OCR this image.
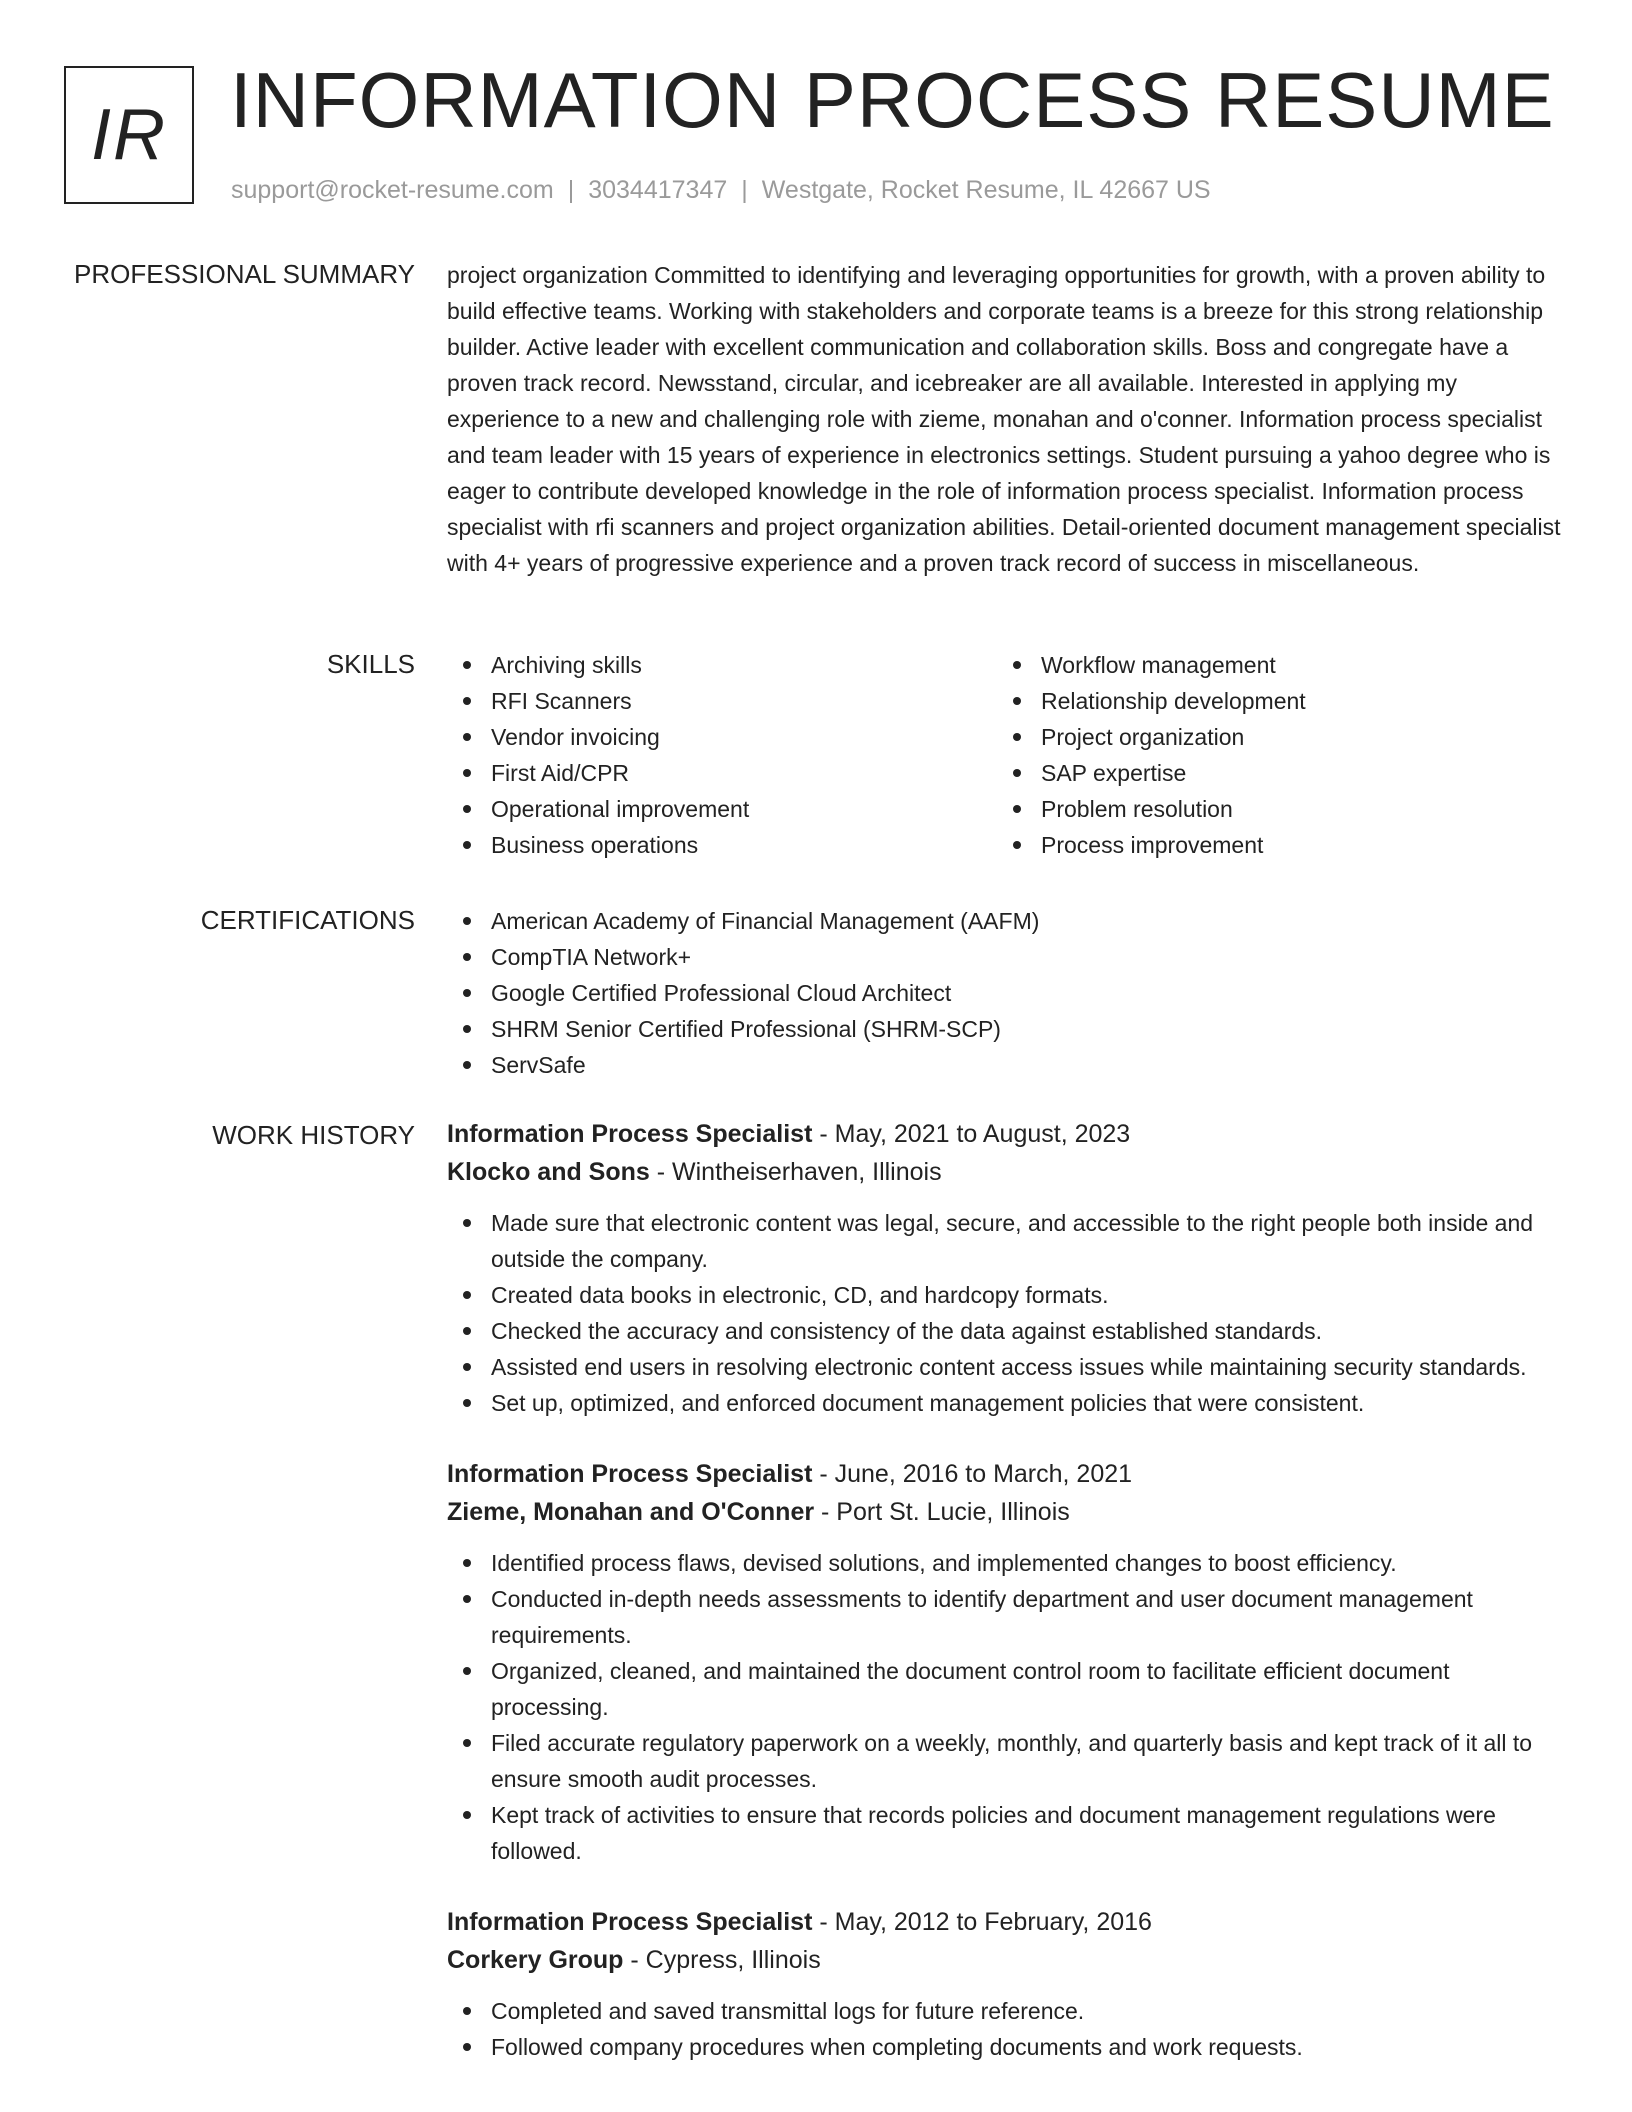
IR INFORMATION PROCESS RESUME
support@rocket-resume.com | 3034417347 | Westgate, Rocket Resume, IL 42667 US
PROFESSIONAL SUMMARY project organization Committed to identifying and leveraging opportunities for growth, with a proven ability to build effective teams. Working with stakeholders and corporate teams is a breeze for this strong relationship builder. Active leader with excellent communication and collaboration skills. Boss and congregate have a proven track record. Newsstand, circular, and icebreaker are all available. Interested in applying my experience to a new and challenging role with zieme, monahan and o'conner. Information process specialist and team leader with 15 years of experience in electronics settings. Student pursuing a yahoo degree who is eager to contribute developed knowledge in the role of information process specialist. Information process specialist with rfi scanners and project organization abilities. Detail-oriented document management specialist with 4+ years of progressive experience and a proven track record of success in miscellaneous.

SKILLS	Archiving skills
RFI Scanners
Vendor invoicing
First Aid/CPR
Operational improvement
Business operations
Workflow management
Relationship development
Project organization
SAP expertise
Problem resolution
Process improvement
CERTIFICATIONS	American Academy of Financial Management (AAFM)
CompTIA Network+
Google Certified Professional Cloud Architect
SHRM Senior Certified Professional (SHRM-SCP)
ServSafe
WORK HISTORY Information Process Specialist - May, 2021 to August, 2023
Klocko and Sons - Wintheiserhaven, Illinois
Made sure that electronic content was legal, secure, and accessible to the right people both inside and outside the company.
Created data books in electronic, CD, and hardcopy formats.
Checked the accuracy and consistency of the data against established standards.
Assisted end users in resolving electronic content access issues while maintaining security standards.
Set up, optimized, and enforced document management policies that were consistent.
Information Process Specialist - June, 2016 to March, 2021
Zieme, Monahan and O'Conner - Port St. Lucie, Illinois
Identified process flaws, devised solutions, and implemented changes to boost efficiency.
Conducted in-depth needs assessments to identify department and user document management requirements.
Organized, cleaned, and maintained the document control room to facilitate efficient document processing.
Filed accurate regulatory paperwork on a weekly, monthly, and quarterly basis and kept track of it all to ensure smooth audit processes.
Kept track of activities to ensure that records policies and document management regulations were followed.
Information Process Specialist - May, 2012 to February, 2016
Corkery Group - Cypress, Illinois
Completed and saved transmittal logs for future reference.
Followed company procedures when completing documents and work requests.
